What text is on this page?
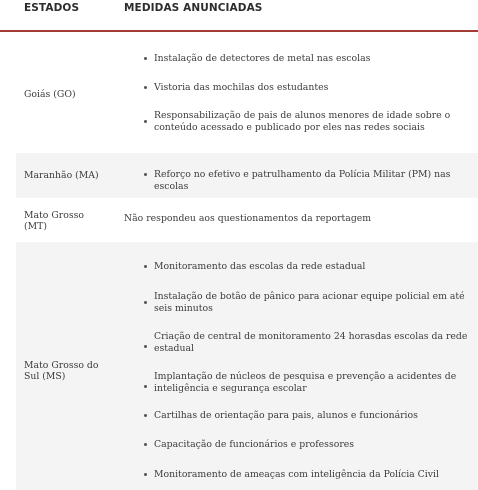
ESTADOS	MEDIDAS ANUNCIADAS
Goiás (GO)
Instalação de detectores de metal nas escolas
Vistoria das mochilas dos estudantes
Responsabilização de pais de alunos menores de idade sobre o conteúdo acessado e publicado por eles nas redes sociais
Maranhão (MA)	Reforço no efetivo e patrulhamento da Polícia Militar (PM) nas escolas
Mato Grosso (MT)
Não respondeu aos questionamentos da reportagem
Mato Grosso do Sul (MS)
Monitoramento das escolas da rede estadual
Instalação de botão de pânico para acionar equipe policial em até seis minutos
Criação de central de monitoramento 24 horasdas escolas da rede estadual
Implantação de núcleos de pesquisa e prevenção a acidentes de inteligência e segurança escolar
Cartilhas de orientação para pais, alunos e funcionários
Capacitação de funcionários e professores
Monitoramento de ameaças com inteligência da Polícia Civil
